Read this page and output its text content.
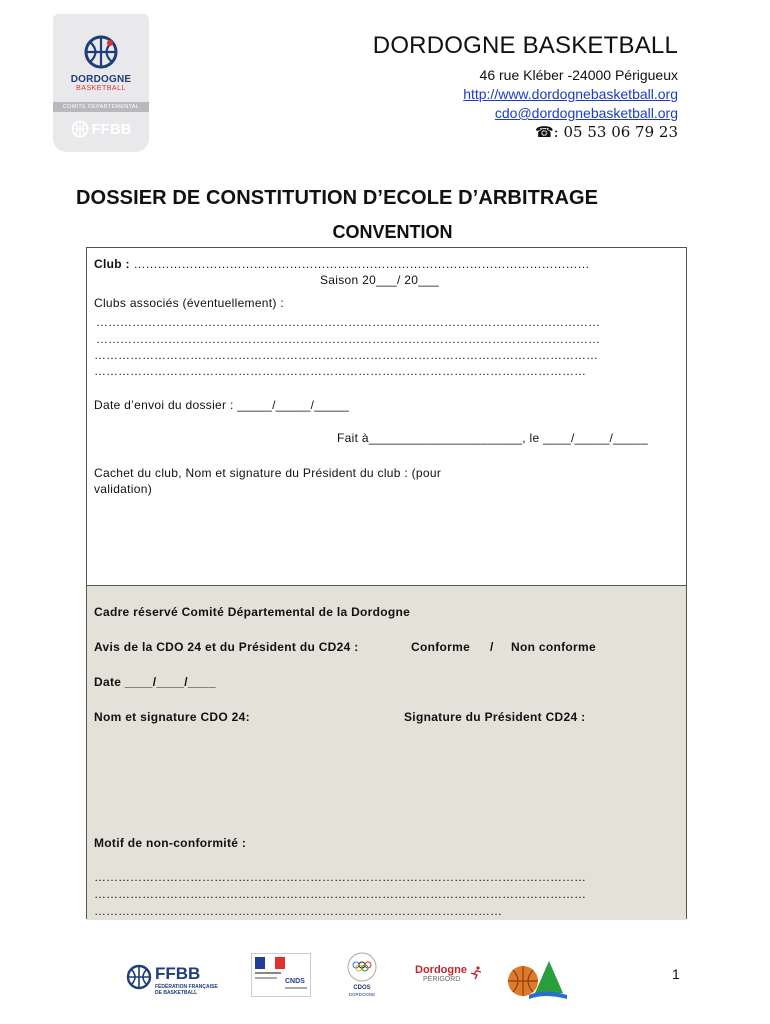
DORDOGNE
BASKETBALL
COMITÉ DÉPARTEMENTAL
FFBB
DORDOGNE BASKETBALL
46 rue Kléber -24000 Périgueux
http://www.dordognebasketball.org
cdo@dordognebasketball.org
☎: 05 53 06 79 23
DOSSIER DE CONSTITUTION D’ECOLE D’ARBITRAGE
CONVENTION
Club : ……………………………………………………………………………………………………
Saison 20___/ 20___
Clubs associés (éventuellement) :
………………………………………………………………………………………………………………
………………………………………………………………………………………………………………
………………………………………………………………………………………………………………
……………………………………………………………………………………………………………
Date d’envoi du dossier : _____/_____/_____
Fait à______________________, le ____/_____/_____
Cachet du club, Nom et signature du Président du club : (pour
validation)
Cadre réservé Comité Départemental de la Dordogne
Avis de la CDO 24 et du Président du CD24 :	Conforme / Non conforme
Date ____/____/____
Nom et signature CDO 24:	Signature du Président CD24 :
Motif de non-conformité :
……………………………………………………………………………………………………………
……………………………………………………………………………………………………………
…………………………………………………………………………………………
FFBB
FÉDÉRATION FRANÇAISE
DE BASKETBALL
CNDS
CDOS
DORDOGNE
Dordogne
PÉRIGORD	1
